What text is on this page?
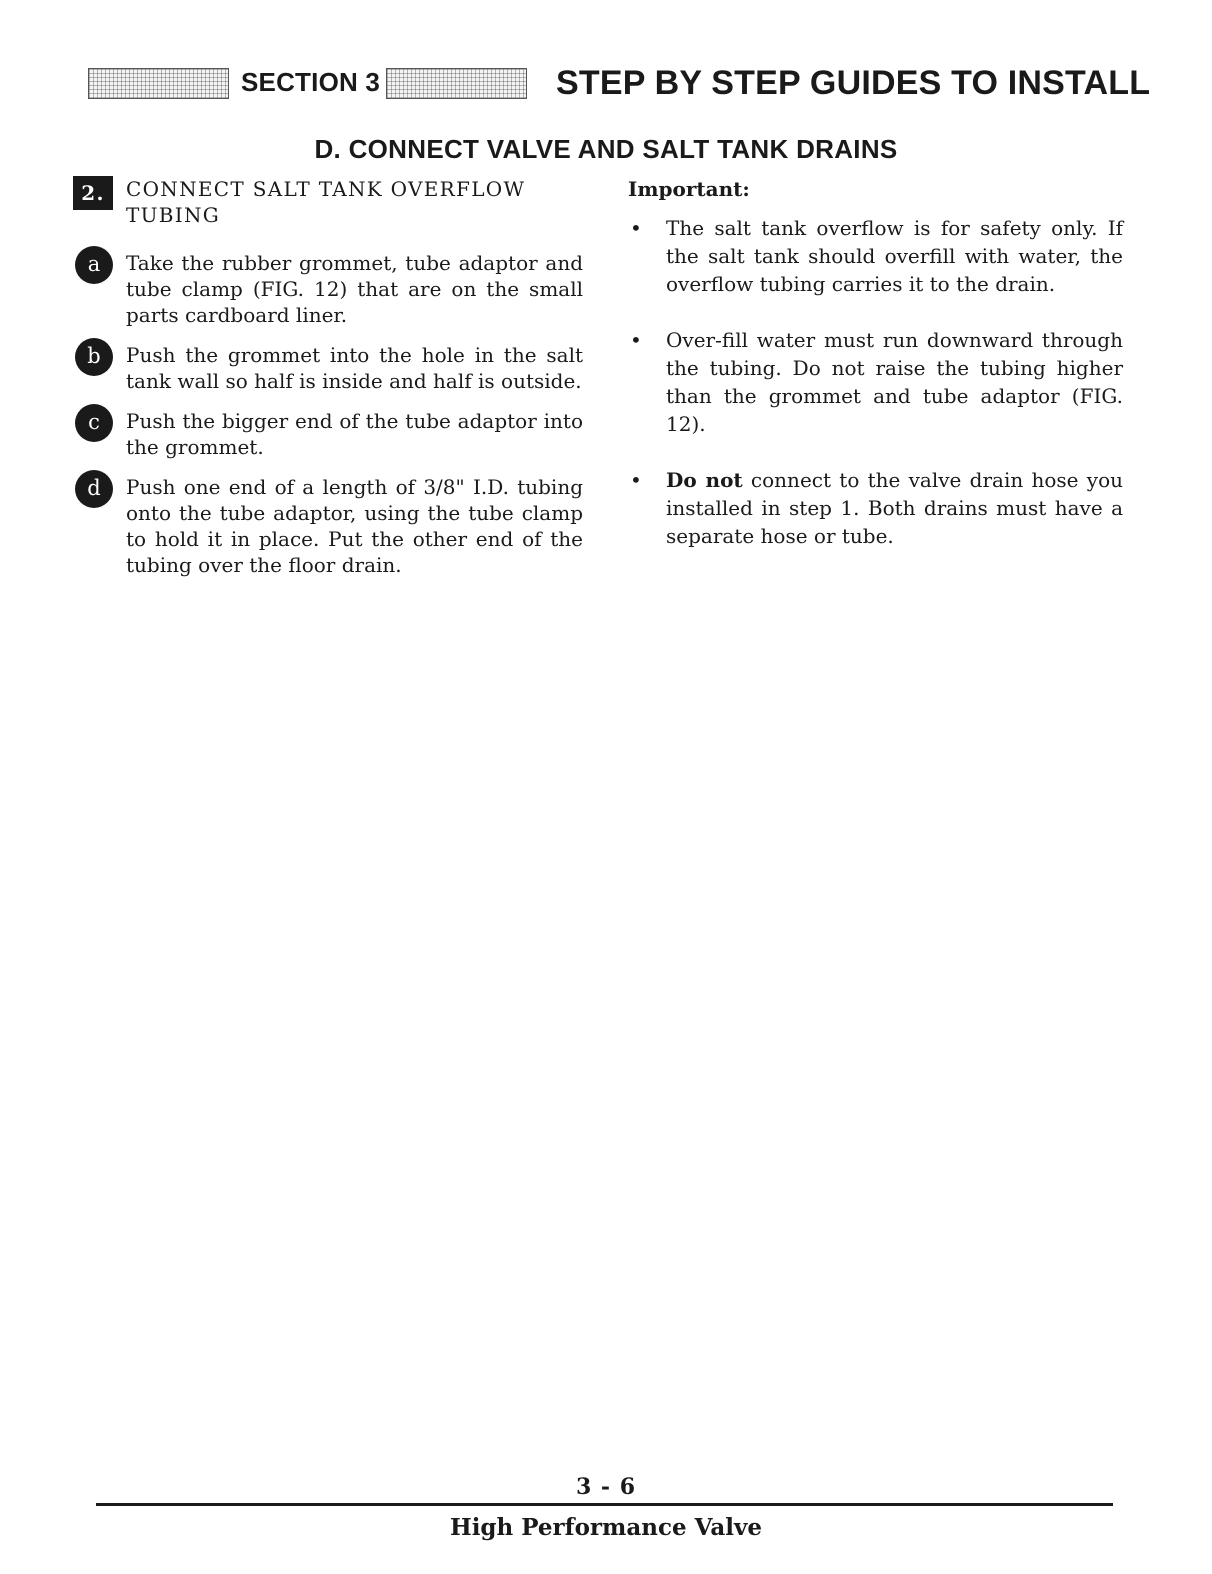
SECTION 3	STEP BY STEP GUIDES TO INSTALL
D. CONNECT VALVE AND SALT TANK DRAINS
2.	CONNECT SALT TANK OVERFLOW TUBING
a	Take the rubber grommet, tube adaptor and tube clamp (FIG. 12) that are on the small parts cardboard liner.
b	Push the grommet into the hole in the salt tank wall so half is inside and half is outside.
c	Push the bigger end of the tube adaptor into the grommet.
d	Push one end of a length of 3/8" I.D. tubing onto the tube adaptor, using the tube clamp to hold it in place. Put the other end of the tubing over the floor drain.
Important:
• The salt tank overflow is for safety only. If the salt tank should overfill with water, the overflow tubing carries it to the drain.
• Over-fill water must run downward through the tubing. Do not raise the tubing higher than the grommet and tube adaptor (FIG. 12).
• Do not connect to the valve drain hose you installed in step 1. Both drains must have a separate hose or tube.
3 - 6
High Performance Valve
